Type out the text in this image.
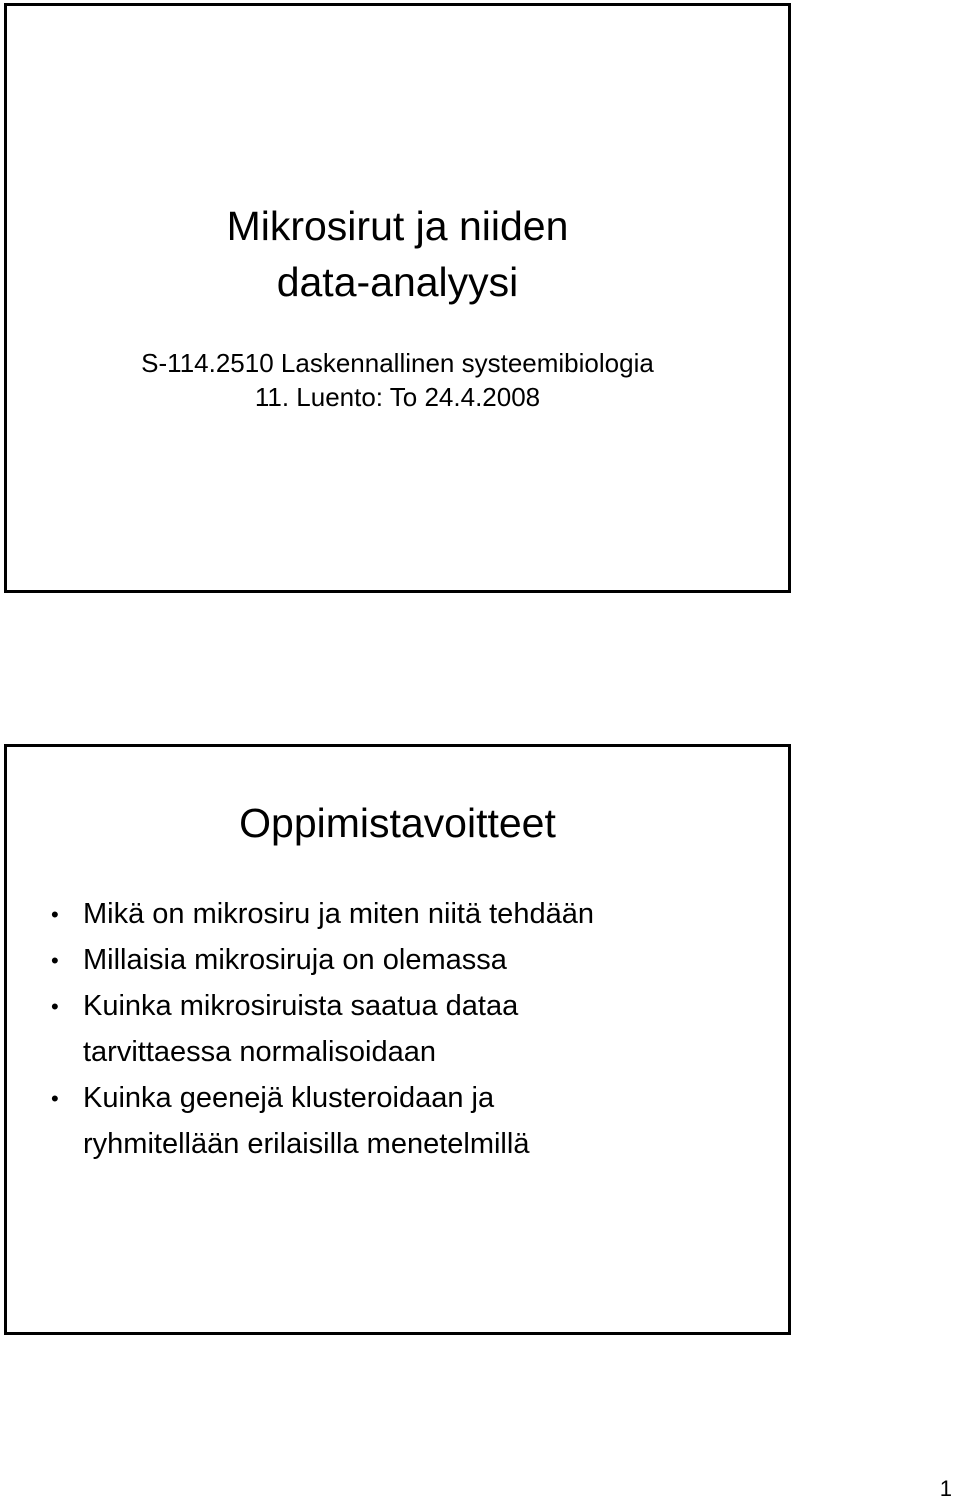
Mikrosirut ja niiden
data-analyysi
S-114.2510 Laskennallinen systeemibiologia
11. Luento: To 24.4.2008
Oppimistavoitteet
• Mikä on mikrosiru ja miten niitä tehdään
• Millaisia mikrosiruja on olemassa
• Kuinka mikrosiruista saatua dataa
tarvittaessa normalisoidaan
• Kuinka geenejä klusteroidaan ja
ryhmitellään erilaisilla menetelmillä
1
